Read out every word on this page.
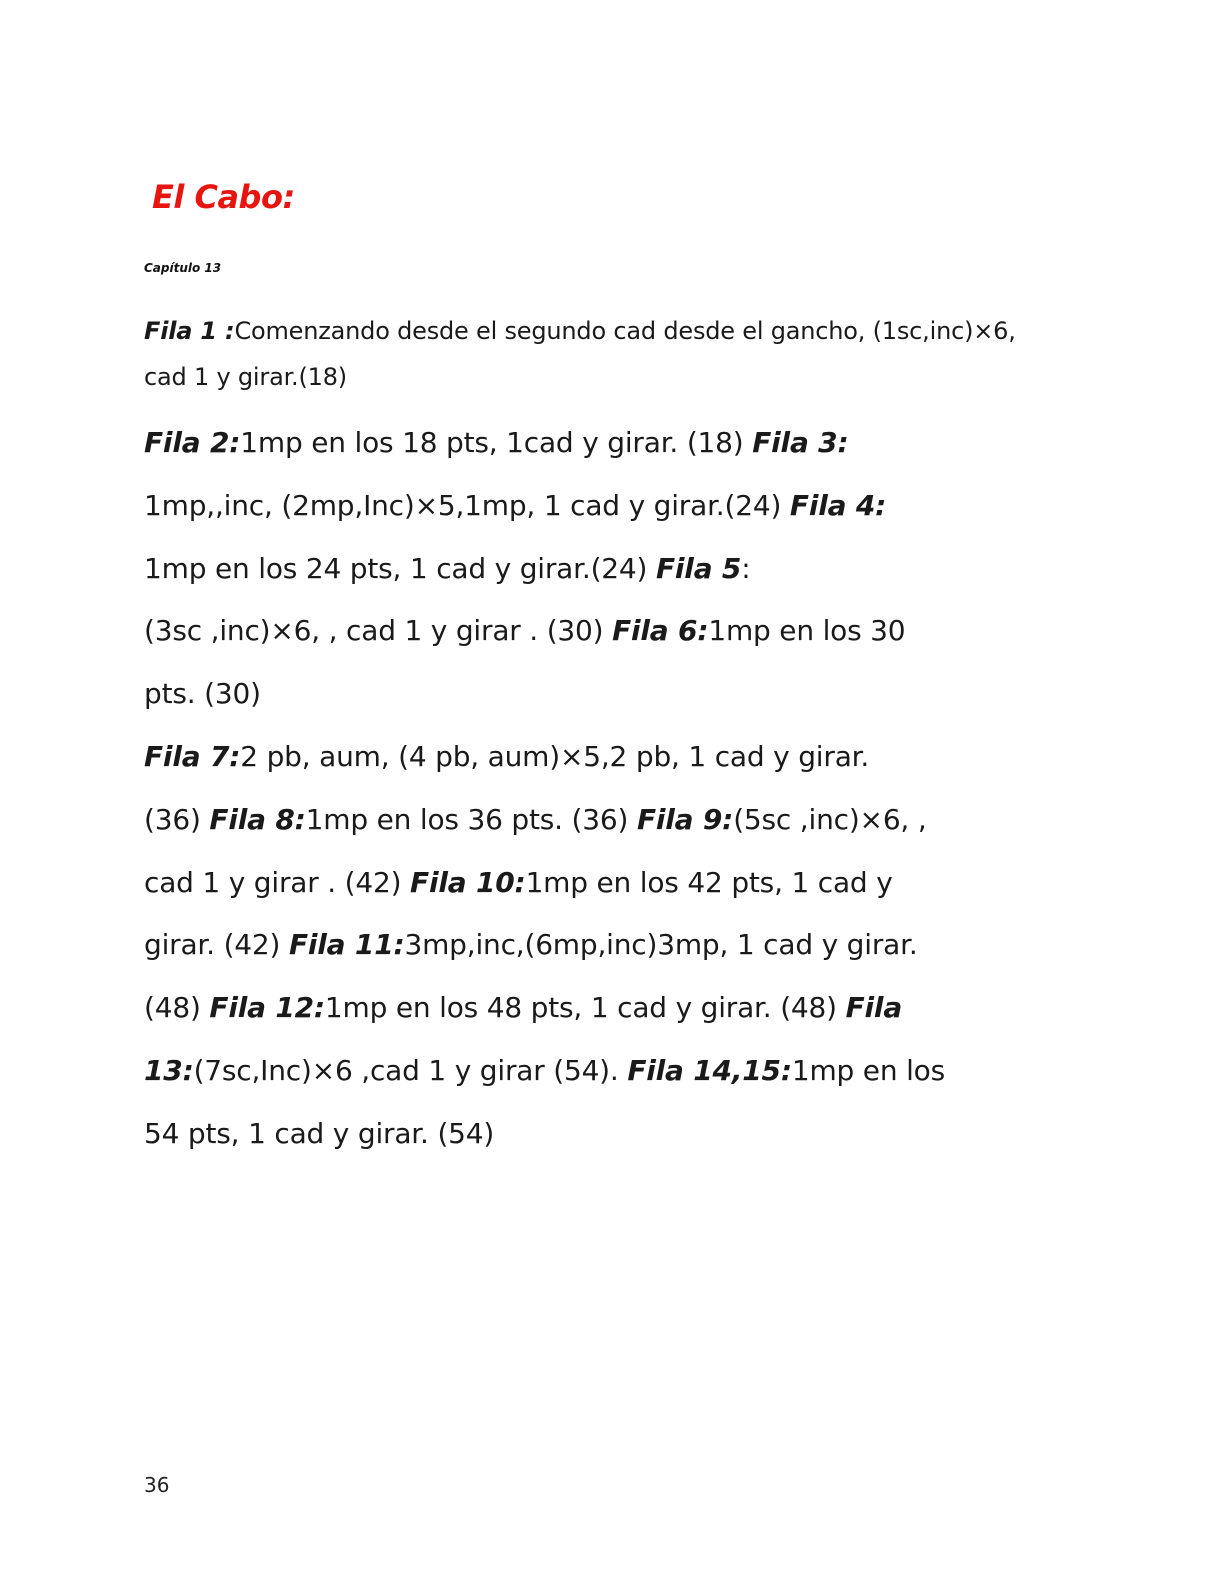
El Cabo:
Capítulo 13
Fila 1 :Comenzando desde el segundo cad desde el gancho, (1sc,inc)×6,
cad 1 y girar.(18)
Fila 2:1mp en los 18 pts, 1cad y girar. (18) Fila 3:
1mp,,inc, (2mp,Inc)×5,1mp, 1 cad y girar.(24) Fila 4:
1mp en los 24 pts, 1 cad y girar.(24) Fila 5:
(3sc ,inc)×6, , cad 1 y girar . (30) Fila 6:1mp en los 30
pts. (30)
Fila 7:2 pb, aum, (4 pb, aum)×5,2 pb, 1 cad y girar.
(36) Fila 8:1mp en los 36 pts. (36) Fila 9:(5sc ,inc)×6, ,
cad 1 y girar . (42) Fila 10:1mp en los 42 pts, 1 cad y
girar. (42) Fila 11:3mp,inc,(6mp,inc)3mp, 1 cad y girar.
(48) Fila 12:1mp en los 48 pts, 1 cad y girar. (48) Fila
13:(7sc,Inc)×6 ,cad 1 y girar (54). Fila 14,15:1mp en los
54 pts, 1 cad y girar. (54)
36
